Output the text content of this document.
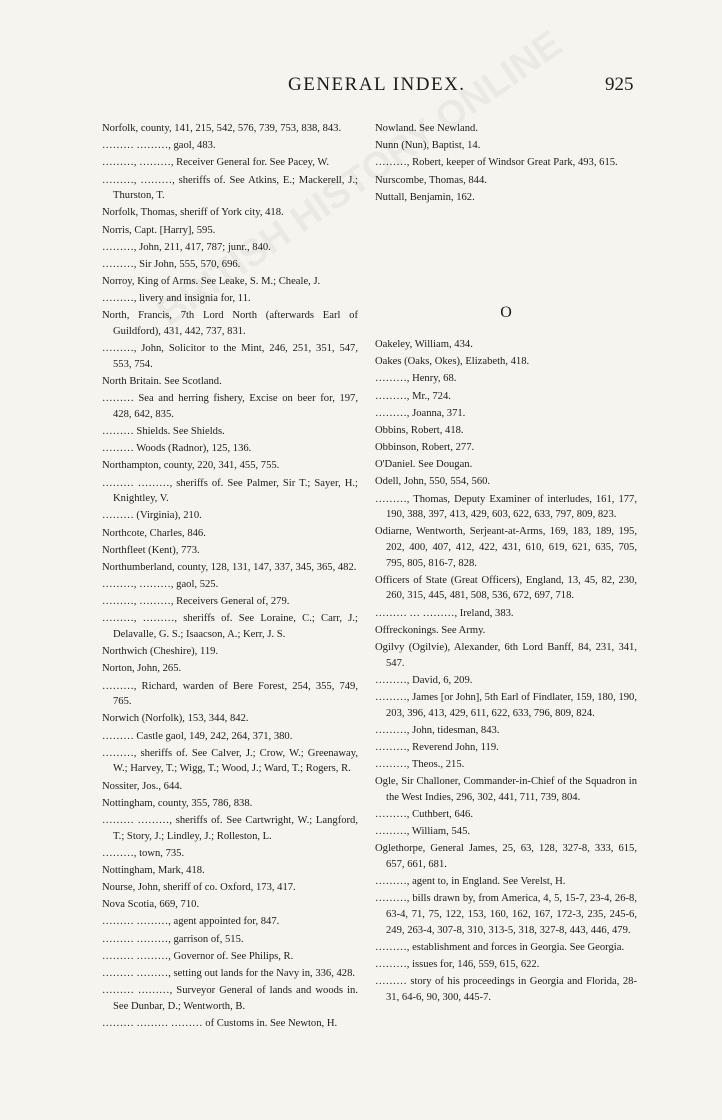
GENERAL INDEX.	925

Norfolk, county, 141, 215, 542, 576, 739, 753, 838, 843.

……… ………, gaol, 483.

………, ………, Receiver General for. See Pacey, W.

………, ………, sheriffs of. See Atkins, E.; Mackerell, J.; Thurston, T.

Norfolk, Thomas, sheriff of York city, 418.

Norris, Capt. [Harry], 595.

………, John, 211, 417, 787; junr., 840.

………, Sir John, 555, 570, 696.

Norroy, King of Arms. See Leake, S. M.; Cheale, J.

………, livery and insignia for, 11.

North, Francis, 7th Lord North (afterwards Earl of Guildford), 431, 442, 737, 831.

………, John, Solicitor to the Mint, 246, 251, 351, 547, 553, 754.

North Britain. See Scotland.

……… Sea and herring fishery, Excise on beer for, 197, 428, 642, 835.

……… Shields. See Shields.

……… Woods (Radnor), 125, 136.

Northampton, county, 220, 341, 455, 755.

……… ………, sheriffs of. See Palmer, Sir T.; Sayer, H.; Knightley, V.

……… (Virginia), 210.

Northcote, Charles, 846.

Northfleet (Kent), 773.

Northumberland, county, 128, 131, 147, 337, 345, 365, 482.

………, ………, gaol, 525.

………, ………, Receivers General of, 279.

………, ………, sheriffs of. See Loraine, C.; Carr, J.; Delavalle, G. S.; Isaacson, A.; Kerr, J. S.

Northwich (Cheshire), 119.

Norton, John, 265.

………, Richard, warden of Bere Forest, 254, 355, 749, 765.

Norwich (Norfolk), 153, 344, 842.

……… Castle gaol, 149, 242, 264, 371, 380.

………, sheriffs of. See Calver, J.; Crow, W.; Greenaway, W.; Harvey, T.; Wigg, T.; Wood, J.; Ward, T.; Rogers, R.

Nossiter, Jos., 644.

Nottingham, county, 355, 786, 838.

……… ………, sheriffs of. See Cartwright, W.; Langford, T.; Story, J.; Lindley, J.; Rolleston, L.

………, town, 735.

Nottingham, Mark, 418.

Nourse, John, sheriff of co. Oxford, 173, 417.

Nova Scotia, 669, 710.

……… ………, agent appointed for, 847.

……… ………, garrison of, 515.

……… ………, Governor of. See Philips, R.

……… ………, setting out lands for the Navy in, 336, 428.

……… ………, Surveyor General of lands and woods in. See Dunbar, D.; Wentworth, B.

……… ……… ……… of Customs in. See Newton, H.

Nowland. See Newland.

Nunn (Nun), Baptist, 14.

………, Robert, keeper of Windsor Great Park, 493, 615.

Nurscombe, Thomas, 844.

Nuttall, Benjamin, 162.

O

Oakeley, William, 434.

Oakes (Oaks, Okes), Elizabeth, 418.

………, Henry, 68.

………, Mr., 724.

………, Joanna, 371.

Obbins, Robert, 418.

Obbinson, Robert, 277.

O'Daniel. See Dougan.

Odell, John, 550, 554, 560.

………, Thomas, Deputy Examiner of interludes, 161, 177, 190, 388, 397, 413, 429, 603, 622, 633, 797, 809, 823.

Odiarne, Wentworth, Serjeant-at-Arms, 169, 183, 189, 195, 202, 400, 407, 412, 422, 431, 610, 619, 621, 635, 705, 795, 805, 816-7, 828.

Officers of State (Great Officers), England, 13, 45, 82, 230, 260, 315, 445, 481, 508, 536, 672, 697, 718.

……… … ………, Ireland, 383.

Offreckonings. See Army.

Ogilvy (Ogilvie), Alexander, 6th Lord Banff, 84, 231, 341, 547.

………, David, 6, 209.

………, James [or John], 5th Earl of Findlater, 159, 180, 190, 203, 396, 413, 429, 611, 622, 633, 796, 809, 824.

………, John, tidesman, 843.

………, Reverend John, 119.

………, Theos., 215.

Ogle, Sir Challoner, Commander-in-Chief of the Squadron in the West Indies, 296, 302, 441, 711, 739, 804.

………, Cuthbert, 646.

………, William, 545.

Oglethorpe, General James, 25, 63, 128, 327-8, 333, 615, 657, 661, 681.

………, agent to, in England. See Verelst, H.

………, bills drawn by, from America, 4, 5, 15-7, 23-4, 26-8, 63-4, 71, 75, 122, 153, 160, 162, 167, 172-3, 235, 245-6, 249, 263-4, 307-8, 310, 313-5, 318, 327-8, 443, 446, 479.

………, establishment and forces in Georgia. See Georgia.

………, issues for, 146, 559, 615, 622.

……… story of his proceedings in Georgia and Florida, 28-31, 64-6, 90, 300, 445-7.
